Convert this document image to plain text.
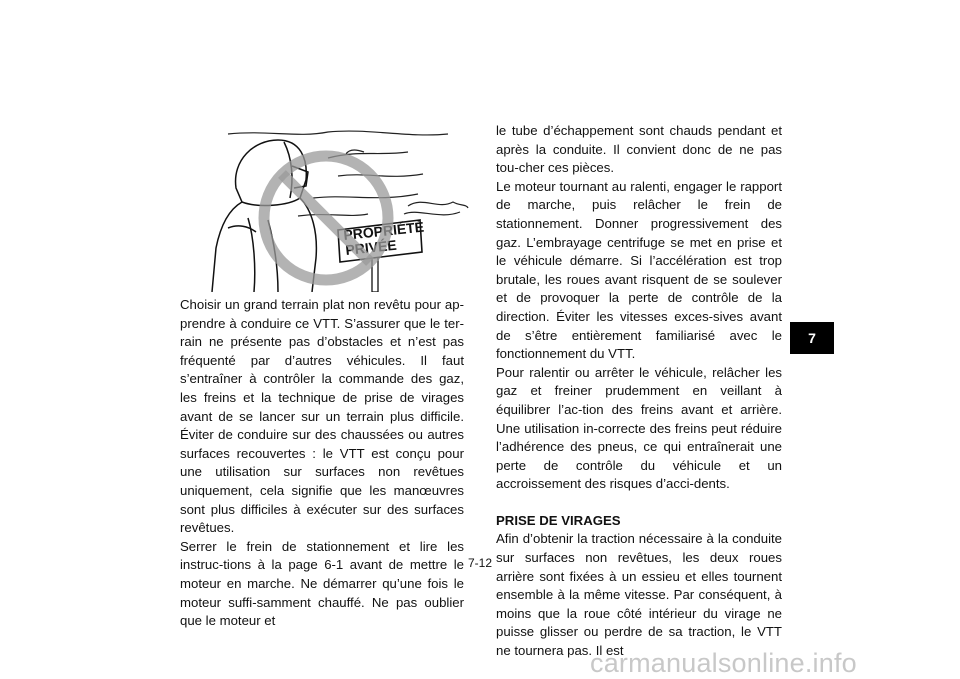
PROPRIÉTÉ
PRIVÉE

Choisir un grand terrain plat non revêtu pour ap-prendre à conduire ce VTT. S’assurer que le ter-rain ne présente pas d’obstacles et n’est pas fréquenté par d’autres véhicules. Il faut s’entraîner à contrôler la commande des gaz, les freins et la technique de prise de virages avant de se lancer sur un terrain plus difficile. Éviter de conduire sur des chaussées ou autres surfaces recouvertes : le VTT est conçu pour une utilisation sur surfaces non revêtues uniquement, cela signifie que les manœuvres sont plus difficiles à exécuter sur des surfaces revêtues.

Serrer le frein de stationnement et lire les instruc-tions à la page 6-1 avant de mettre le moteur en marche. Ne démarrer qu’une fois le moteur suffi-samment chauffé. Ne pas oublier que le moteur et

le tube d’échappement sont chauds pendant et après la conduite. Il convient donc de ne pas tou-cher ces pièces.

Le moteur tournant au ralenti, engager le rapport de marche, puis relâcher le frein de stationnement. Donner progressivement des gaz. L’embrayage centrifuge se met en prise et le véhicule démarre. Si l’accélération est trop brutale, les roues avant risquent de se soulever et de provoquer la perte de contrôle de la direction. Éviter les vitesses exces-sives avant de s’être entièrement familiarisé avec le fonctionnement du VTT.

Pour ralentir ou arrêter le véhicule, relâcher les gaz et freiner prudemment en veillant à équilibrer l’ac-tion des freins avant et arrière. Une utilisation in-correcte des freins peut réduire l’adhérence des pneus, ce qui entraînerait une perte de contrôle du véhicule et un accroissement des risques d’acci-dents.

PRISE DE VIRAGES

Afin d’obtenir la traction nécessaire à la conduite sur surfaces non revêtues, les deux roues arrière sont fixées à un essieu et elles tournent ensemble à la même vitesse. Par conséquent, à moins que la roue côté intérieur du virage ne puisse glisser ou perdre de sa traction, le VTT ne tournera pas. Il est

7-12
7
carmanualsonline.info
